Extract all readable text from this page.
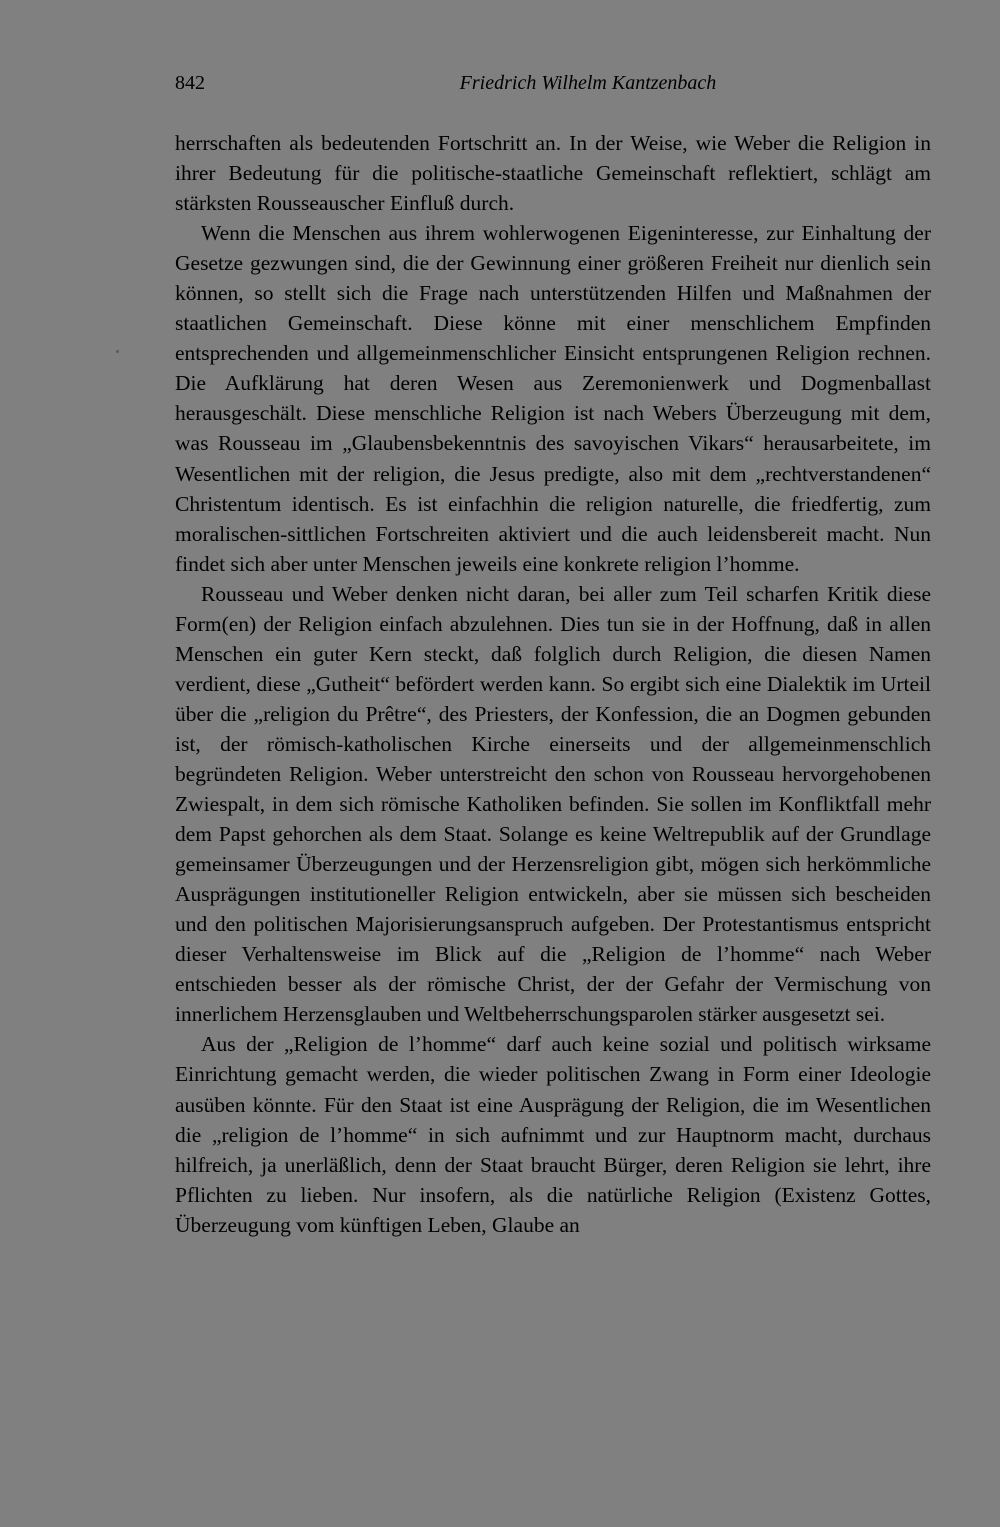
842	Friedrich Wilhelm Kantzenbach

herrschaften als bedeutenden Fortschritt an. In der Weise, wie Weber die Religion in ihrer Bedeutung für die politische-staatliche Gemeinschaft reflektiert, schlägt am stärksten Rousseauscher Einfluß durch.

Wenn die Menschen aus ihrem wohlerwogenen Eigeninteresse, zur Einhaltung der Gesetze gezwungen sind, die der Gewinnung einer größeren Freiheit nur dienlich sein können, so stellt sich die Frage nach unterstützenden Hilfen und Maßnahmen der staatlichen Gemeinschaft. Diese könne mit einer menschlichem Empfinden entsprechenden und allgemeinmenschlicher Einsicht entsprungenen Religion rechnen. Die Aufklärung hat deren Wesen aus Zeremonienwerk und Dogmenballast herausgeschält. Diese menschliche Religion ist nach Webers Überzeugung mit dem, was Rousseau im „Glaubensbekenntnis des savoyischen Vikars“ herausarbeitete, im Wesentlichen mit der religion, die Jesus predigte, also mit dem „rechtverstandenen“ Christentum identisch. Es ist einfachhin die religion naturelle, die friedfertig, zum moralischen-sittlichen Fortschreiten aktiviert und die auch leidensbereit macht. Nun findet sich aber unter Menschen jeweils eine konkrete religion l’homme.

Rousseau und Weber denken nicht daran, bei aller zum Teil scharfen Kritik diese Form(en) der Religion einfach abzulehnen. Dies tun sie in der Hoffnung, daß in allen Menschen ein guter Kern steckt, daß folglich durch Religion, die diesen Namen verdient, diese „Gutheit“ befördert werden kann. So ergibt sich eine Dialektik im Urteil über die „religion du Prêtre“, des Priesters, der Konfession, die an Dogmen gebunden ist, der römisch-katholischen Kirche einerseits und der allgemeinmenschlich begründeten Religion. Weber unterstreicht den schon von Rousseau hervorgehobenen Zwiespalt, in dem sich römische Katholiken befinden. Sie sollen im Konfliktfall mehr dem Papst gehorchen als dem Staat. Solange es keine Weltrepublik auf der Grundlage gemeinsamer Überzeugungen und der Herzensreligion gibt, mögen sich herkömmliche Ausprägungen institutioneller Religion entwickeln, aber sie müssen sich bescheiden und den politischen Majorisierungsanspruch aufgeben. Der Protestantismus entspricht dieser Verhaltensweise im Blick auf die „Religion de l’homme“ nach Weber entschieden besser als der römische Christ, der der Gefahr der Vermischung von innerlichem Herzensglauben und Weltbeherrschungsparolen stärker ausgesetzt sei.

Aus der „Religion de l’homme“ darf auch keine sozial und politisch wirksame Einrichtung gemacht werden, die wieder politischen Zwang in Form einer Ideologie ausüben könnte. Für den Staat ist eine Ausprägung der Religion, die im Wesentlichen die „religion de l’homme“ in sich aufnimmt und zur Hauptnorm macht, durchaus hilfreich, ja unerläßlich, denn der Staat braucht Bürger, deren Religion sie lehrt, ihre Pflichten zu lieben. Nur insofern, als die natürliche Religion (Existenz Gottes, Überzeugung vom künftigen Leben, Glaube an
